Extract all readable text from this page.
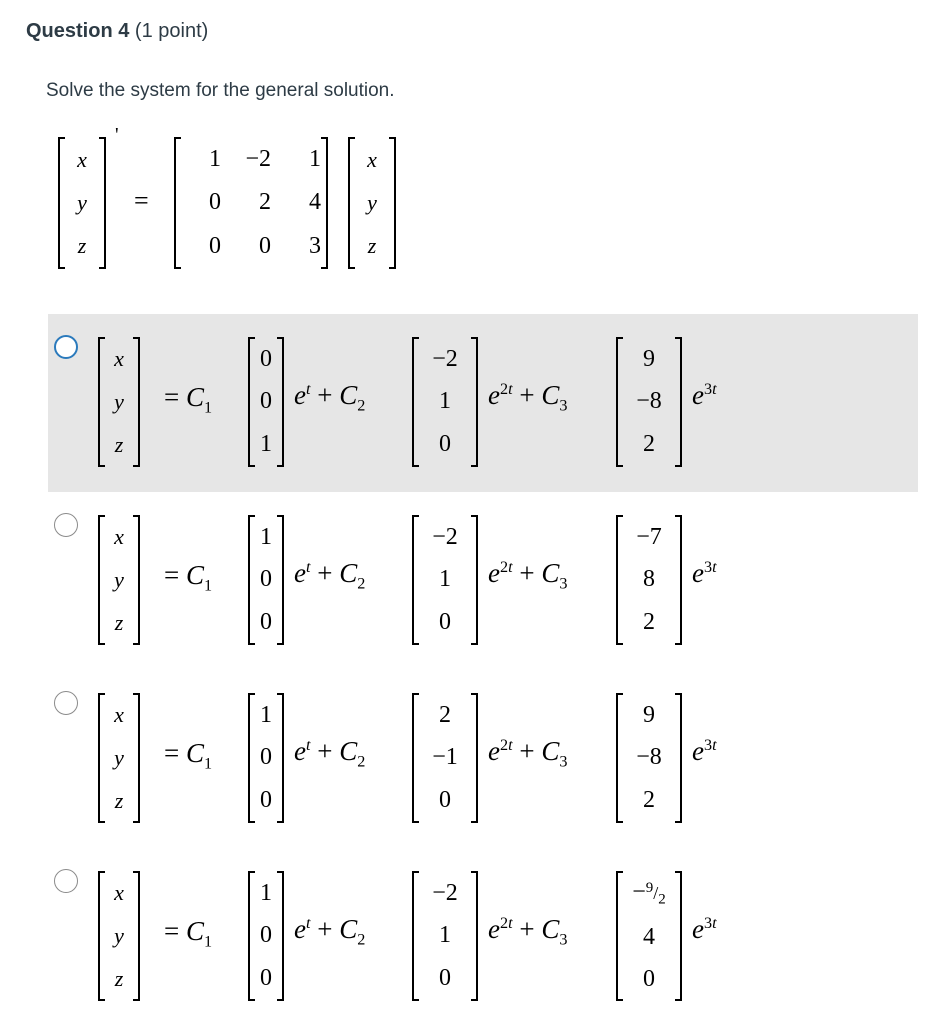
Question 4 (1 point)

Solve the system for the general solution.

x
y
z
'
=
1	−2	1
0	2	4
0	0	3
x
y
z
x
y
z
= $C_1$
0
0
1
$e^t + C_2$
−2
1
0
$e^{2t} + C_3$
9
−8
2
$e^{3t}$
x
y
z
= $C_1$
1
0
0
$e^t + C_2$
−2
1
0
$e^{2t} + C_3$
−7
8
2
$e^{3t}$
x
y
z
= $C_1$
1
0
0
$e^t + C_2$
2
−1
0
$e^{2t} + C_3$
9
−8
2
$e^{3t}$
x
y
z
= $C_1$
1
0
0
$e^t + C_2$
−2
1
0
$e^{2t} + C_3$
$-^9/_2$
4
0
$e^{3t}$
